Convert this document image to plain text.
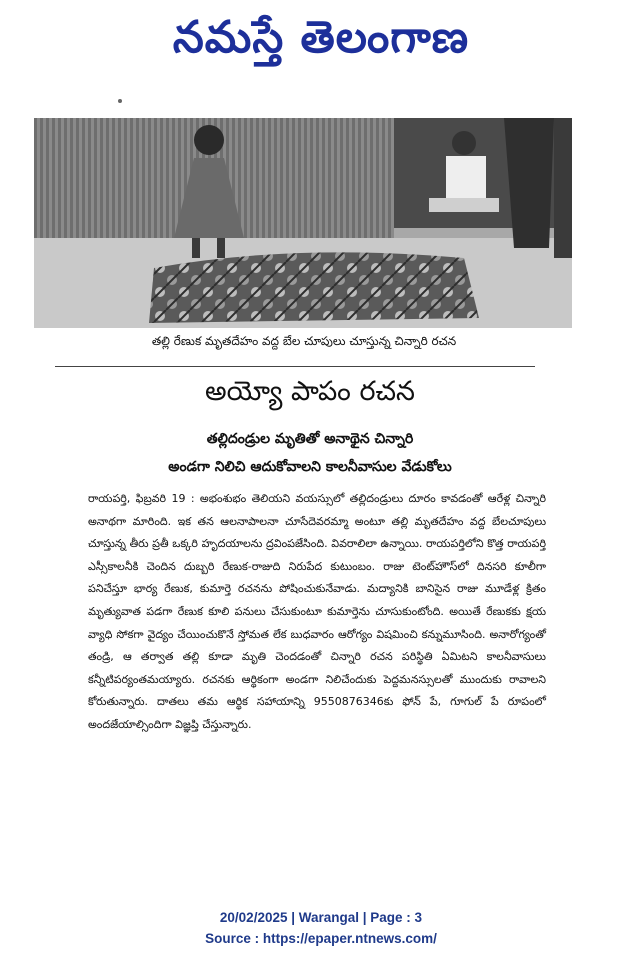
నమస్తే తెలంగాణ
తల్లి రేణుక మృతదేహం వద్ద బేల చూపులు చూస్తున్న చిన్నారి రచన
అయ్యో పాపం రచన
తల్లిదండ్రుల మృతితో అనాథైన చిన్నారి
అండగా నిలిచి ఆదుకోవాలని కాలనీవాసుల వేడుకోలు
రాయపర్తి, ఫిబ్రవరి 19 : అభంశుభం తెలియని వయస్సులో తల్లిదండ్రులు దూరం కావడంతో ఆరేళ్ల చిన్నారి అనాథగా మారింది. ఇక తన ఆలనాపాలనా చూసేదెవరమ్మా అంటూ తల్లి మృతదేహం వద్ద బేలచూపులు చూస్తున్న తీరు ప్రతీ ఒక్కరి హృదయాలను ద్రవింపజేసింది. వివరాలిలా ఉన్నాయి. రాయపర్తిలోని కొత్త రాయపర్తి ఎస్సీకాలనీకి చెందిన దుబ్బరి రేణుక-రాజుది నిరుపేద కుటుంబం. రాజు టెంట్‌హౌస్‌లో దినసరి కూలీగా పనిచేస్తూ భార్య రేణుక, కుమార్తె రచనను పోషించుకునేవాడు. మద్యానికి బానిసైన రాజు మూడేళ్ల క్రితం మృత్యువాత పడగా రేణుక కూలి పనులు చేసుకుంటూ కుమార్తెను చూసుకుంటోంది. అయితే రేణుకకు క్షయ వ్యాధి సోకగా వైద్యం చేయించుకొనే స్తోమత లేక బుధవారం ఆరోగ్యం విషమించి కన్నుమూసింది. అనారోగ్యంతో తండ్రి, ఆ తర్వాత తల్లి కూడా మృతి చెందడంతో చిన్నారి రచన పరిస్థితి ఏమిటని కాలనీవాసులు కన్నీటిపర్యంతమయ్యారు. రచనకు ఆర్థికంగా అండగా నిలిచేందుకు పెద్దమనస్సులతో ముందుకు రావాలని కోరుతున్నారు. దాతలు తమ ఆర్థిక సహాయాన్ని 9550876346కు ఫోన్ పే, గూగుల్ పే రూపంలో అందజేయాల్సిందిగా విజ్ఞప్తి చేస్తున్నారు.
20/02/2025 | Warangal | Page : 3
Source : https://epaper.ntnews.com/
